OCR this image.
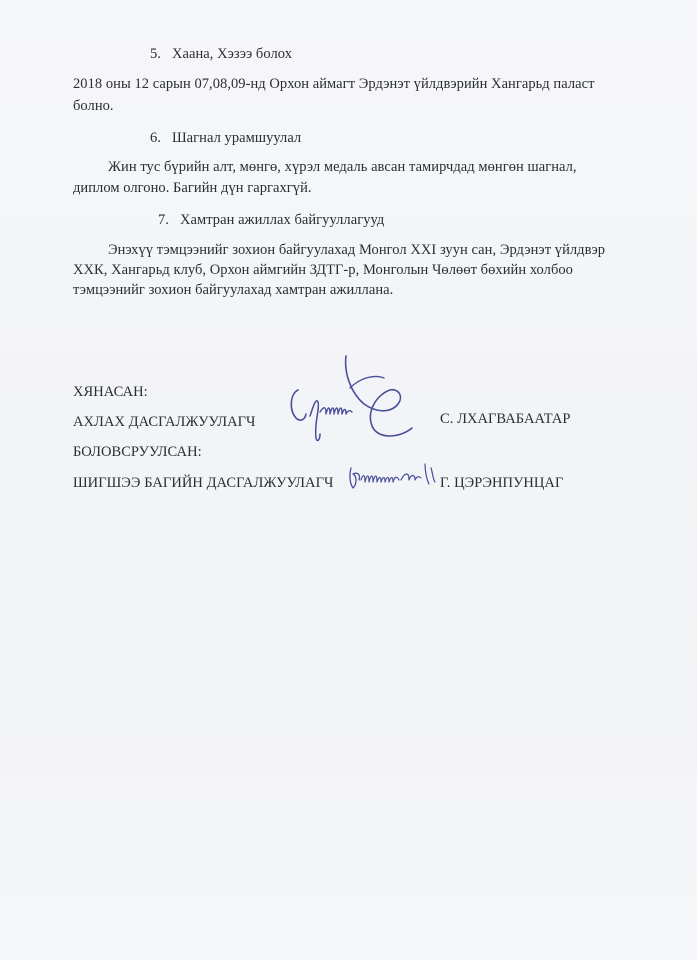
5. Хаана, Хэзээ болох
2018 оны 12 сарын 07,08,09-нд Орхон аймагт Эрдэнэт үйлдвэрийн Хангарьд паласт
болно.
6. Шагнал урамшуулал
Жин тус бүрийн алт, мөнгө, хүрэл медаль авсан тамирчдад мөнгөн шагнал,
диплом олгоно. Багийн дүн гаргахгүй.
7. Хамтран ажиллах байгууллагууд
Энэхүү тэмцээнийг зохион байгуулахад Монгол XXI зуун сан, Эрдэнэт үйлдвэр
ХХК, Хангарьд клуб, Орхон аймгийн ЗДТГ-р, Монголын Чөлөөт бөхийн холбоо
тэмцээнийг зохион байгуулахад хамтран ажиллана.
ХЯНАСАН:
АХЛАХ ДАСГАЛЖУУЛАГЧ	С. ЛХАГВАБААТАР
БОЛОВСРУУЛСАН:
ШИГШЭЭ БАГИЙН ДАСГАЛЖУУЛАГЧ	Г. ЦЭРЭНПУНЦАГ
